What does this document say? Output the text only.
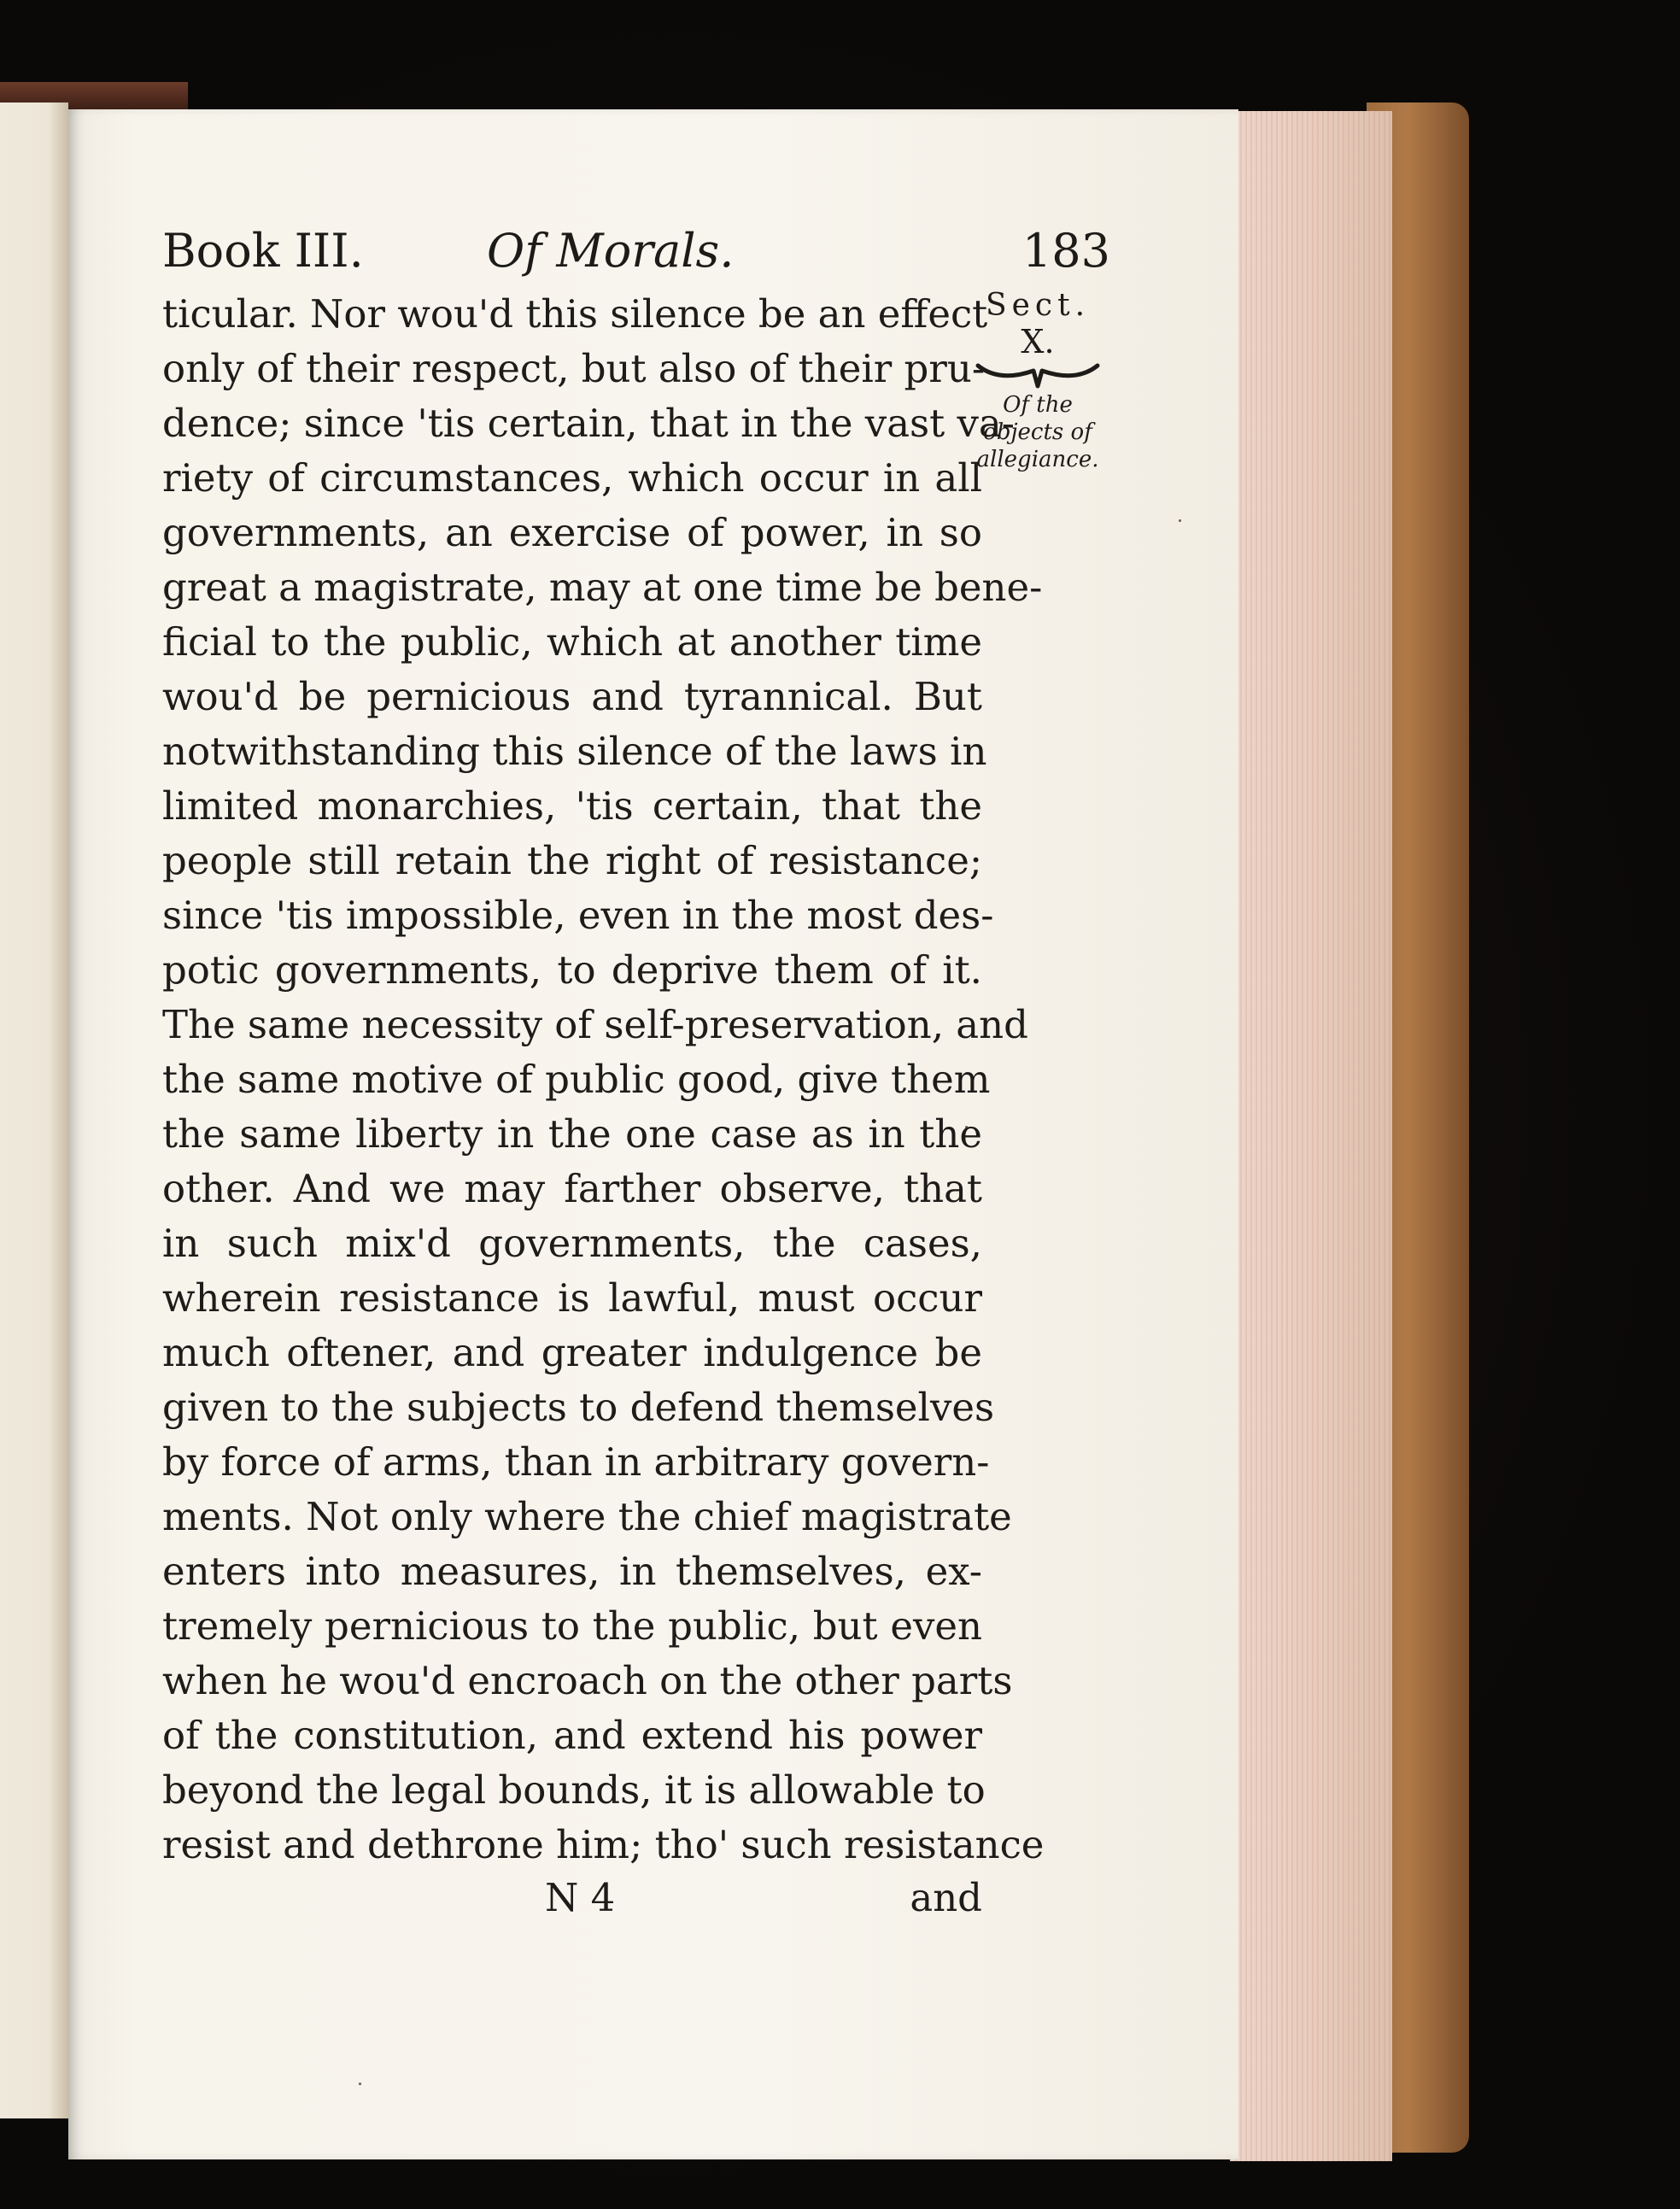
Book III.	Of Morals.	183
Sect.
X.
Of the
objects of
allegiance.
ticular. Nor wou'd this silence be an effect
only of their respect, but also of their pru-
dence; since 'tis certain, that in the vast va-
riety of circumstances, which occur in all
governments, an exercise of power, in so
great a magistrate, may at one time be bene-
ficial to the public, which at another time
wou'd be pernicious and tyrannical. But
notwithstanding this silence of the laws in
limited monarchies, 'tis certain, that the
people still retain the right of resistance;
since 'tis impossible, even in the most des-
potic governments, to deprive them of it.
The same necessity of self-preservation, and
the same motive of public good, give them
the same liberty in the one case as in the
other. And we may farther observe, that
in such mix'd governments, the cases,
wherein resistance is lawful, must occur
much oftener, and greater indulgence be
given to the subjects to defend themselves
by force of arms, than in arbitrary govern-
ments. Not only where the chief magistrate
enters into measures, in themselves, ex-
tremely pernicious to the public, but even
when he wou'd encroach on the other parts
of the constitution, and extend his power
beyond the legal bounds, it is allowable to
resist and dethrone him; tho' such resistance
N 4	and
